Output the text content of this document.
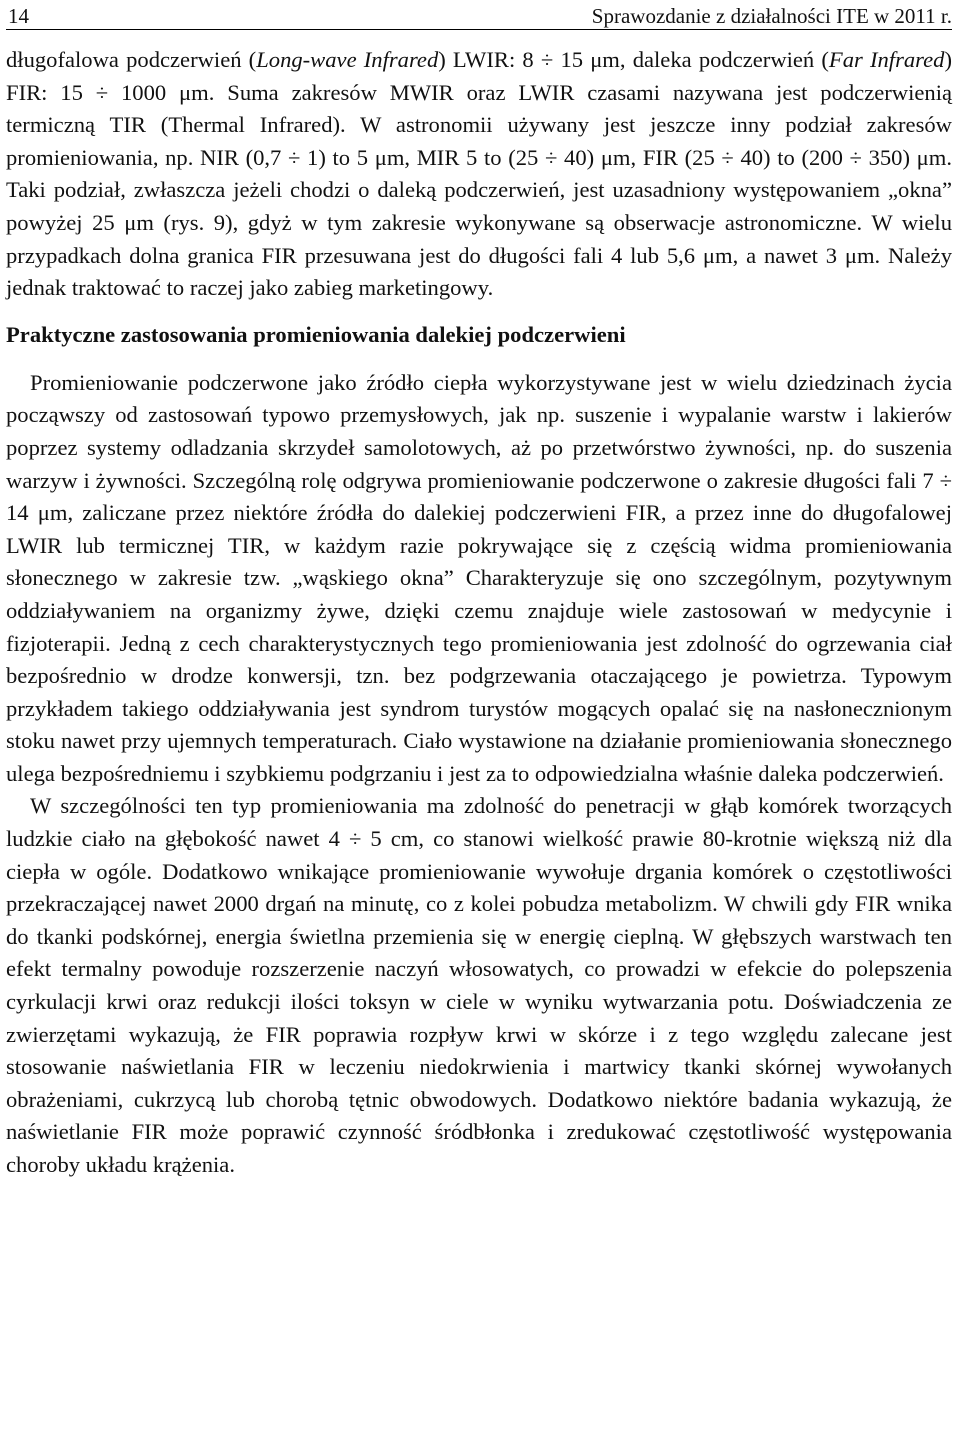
14	Sprawozdanie z działalności ITE w 2011 r.

długofalowa podczerwień (Long-wave Infrared) LWIR: 8 ÷ 15 μm, daleka podczerwień (Far Infrared) FIR: 15 ÷ 1000 μm. Suma zakresów MWIR oraz LWIR czasami nazywana jest podczerwienią termiczną TIR (Thermal Infrared). W astronomii używany jest jeszcze inny podział zakresów promieniowania, np. NIR (0,7 ÷ 1) to 5 μm, MIR 5 to (25 ÷ 40) μm, FIR (25 ÷ 40) to (200 ÷ 350) μm. Taki podział, zwłaszcza jeżeli chodzi o daleką podczerwień, jest uzasadniony występowaniem „okna” powyżej 25 μm (rys. 9), gdyż w tym zakresie wykonywane są obserwacje astronomiczne. W wielu przypadkach dolna granica FIR przesuwana jest do długości fali 4 lub 5,6 μm, a nawet 3 μm. Należy jednak traktować to raczej jako zabieg marketingowy.

Praktyczne zastosowania promieniowania dalekiej podczerwieni

Promieniowanie podczerwone jako źródło ciepła wykorzystywane jest w wielu dziedzinach życia począwszy od zastosowań typowo przemysłowych, jak np. suszenie i wypalanie warstw i lakierów poprzez systemy odladzania skrzydeł samolotowych, aż po przetwórstwo żywności, np. do suszenia warzyw i żywności. Szczególną rolę odgrywa promieniowanie podczerwone o zakresie długości fali 7 ÷ 14 μm, zaliczane przez niektóre źródła do dalekiej podczerwieni FIR, a przez inne do długofalowej LWIR lub termicznej TIR, w każdym razie pokrywające się z częścią widma promieniowania słonecznego w zakresie tzw. „wąskiego okna” Charakteryzuje się ono szczególnym, pozytywnym oddziaływaniem na organizmy żywe, dzięki czemu znajduje wiele zastosowań w medycynie i fizjoterapii. Jedną z cech charakterystycznych tego promieniowania jest zdolność do ogrzewania ciał bezpośrednio w drodze konwersji, tzn. bez podgrzewania otaczającego je powietrza. Typowym przykładem takiego oddziaływania jest syndrom turystów mogących opalać się na nasłonecznionym stoku nawet przy ujemnych temperaturach. Ciało wystawione na działanie promieniowania słonecznego ulega bezpośredniemu i szybkiemu podgrzaniu i jest za to odpowiedzialna właśnie daleka podczerwień.

W szczególności ten typ promieniowania ma zdolność do penetracji w głąb komórek tworzących ludzkie ciało na głębokość nawet 4 ÷ 5 cm, co stanowi wielkość prawie 80-krotnie większą niż dla ciepła w ogóle. Dodatkowo wnikające promieniowanie wywołuje drgania komórek o częstotliwości przekraczającej nawet 2000 drgań na minutę, co z kolei pobudza metabolizm. W chwili gdy FIR wnika do tkanki podskórnej, energia świetlna przemienia się w energię cieplną. W głębszych warstwach ten efekt termalny powoduje rozszerzenie naczyń włosowatych, co prowadzi w efekcie do polepszenia cyrkulacji krwi oraz redukcji ilości toksyn w ciele w wyniku wytwarzania potu. Doświadczenia ze zwierzętami wykazują, że FIR poprawia rozpływ krwi w skórze i z tego względu zalecane jest stosowanie naświetlania FIR w leczeniu niedokrwienia i martwicy tkanki skórnej wywołanych obrażeniami, cukrzycą lub chorobą tętnic obwodowych. Dodatkowo niektóre badania wykazują, że naświetlanie FIR może poprawić czynność śródbłonka i zredukować częstotliwość występowania choroby układu krążenia.
